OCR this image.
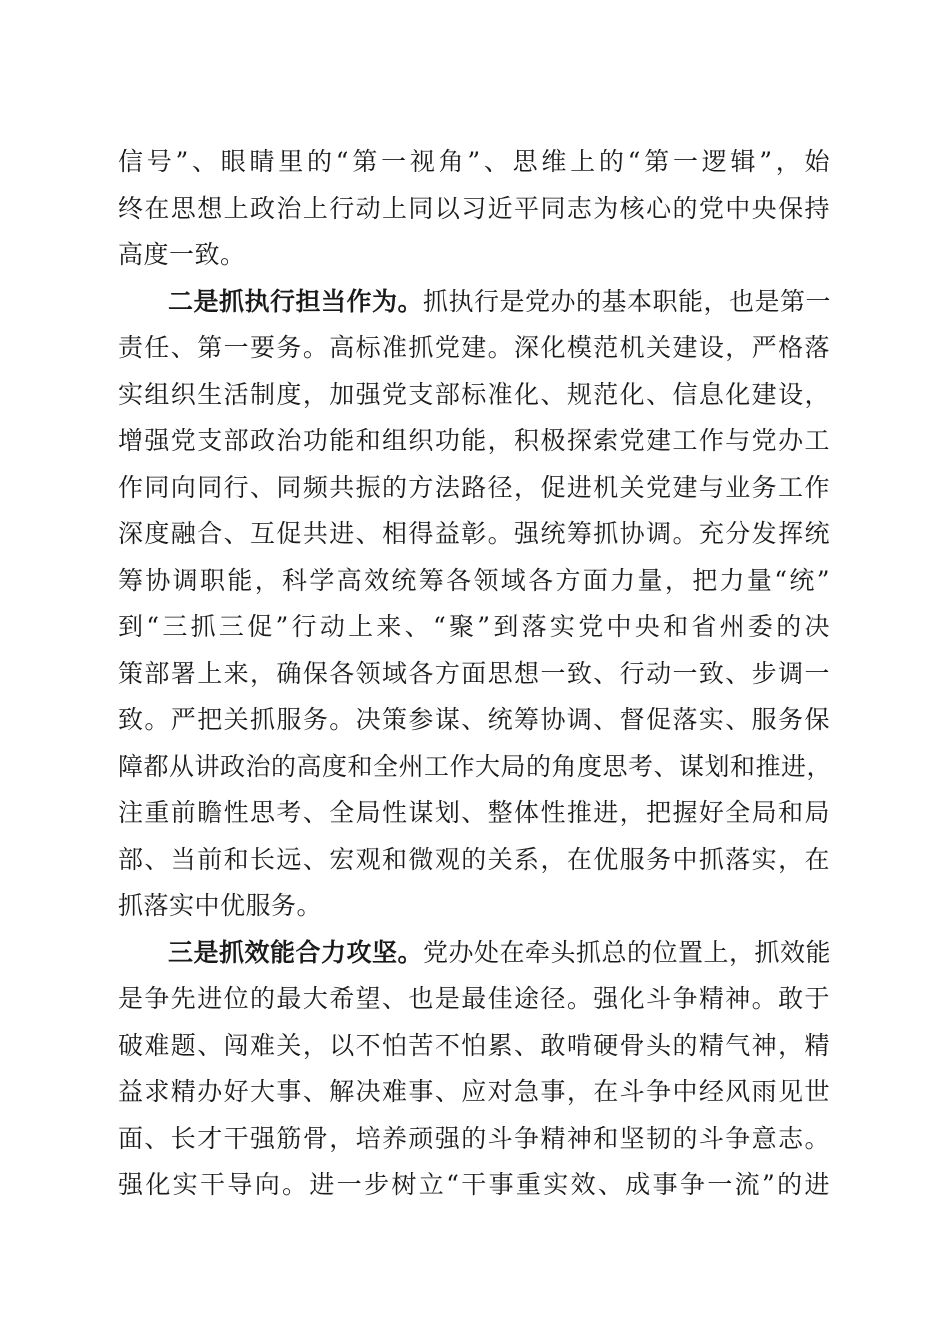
信号”、眼睛里的“第一视角”、思维上的“第一逻辑”，始
终在思想上政治上行动上同以习近平同志为核心的党中央保持
高度一致。
二是抓执行担当作为。抓执行是党办的基本职能，也是第一
责任、第一要务。高标准抓党建。深化模范机关建设，严格落
实组织生活制度，加强党支部标准化、规范化、信息化建设，
增强党支部政治功能和组织功能，积极探索党建工作与党办工
作同向同行、同频共振的方法路径，促进机关党建与业务工作
深度融合、互促共进、相得益彰。强统筹抓协调。充分发挥统
筹协调职能，科学高效统筹各领域各方面力量，把力量“统”
到“三抓三促”行动上来、“聚”到落实党中央和省州委的决
策部署上来，确保各领域各方面思想一致、行动一致、步调一
致。严把关抓服务。决策参谋、统筹协调、督促落实、服务保
障都从讲政治的高度和全州工作大局的角度思考、谋划和推进，
注重前瞻性思考、全局性谋划、整体性推进，把握好全局和局
部、当前和长远、宏观和微观的关系，在优服务中抓落实，在
抓落实中优服务。
三是抓效能合力攻坚。党办处在牵头抓总的位置上，抓效能
是争先进位的最大希望、也是最佳途径。强化斗争精神。敢于
破难题、闯难关，以不怕苦不怕累、敢啃硬骨头的精气神，精
益求精办好大事、解决难事、应对急事，在斗争中经风雨见世
面、长才干强筋骨，培养顽强的斗争精神和坚韧的斗争意志。
强化实干导向。进一步树立“干事重实效、成事争一流”的进
